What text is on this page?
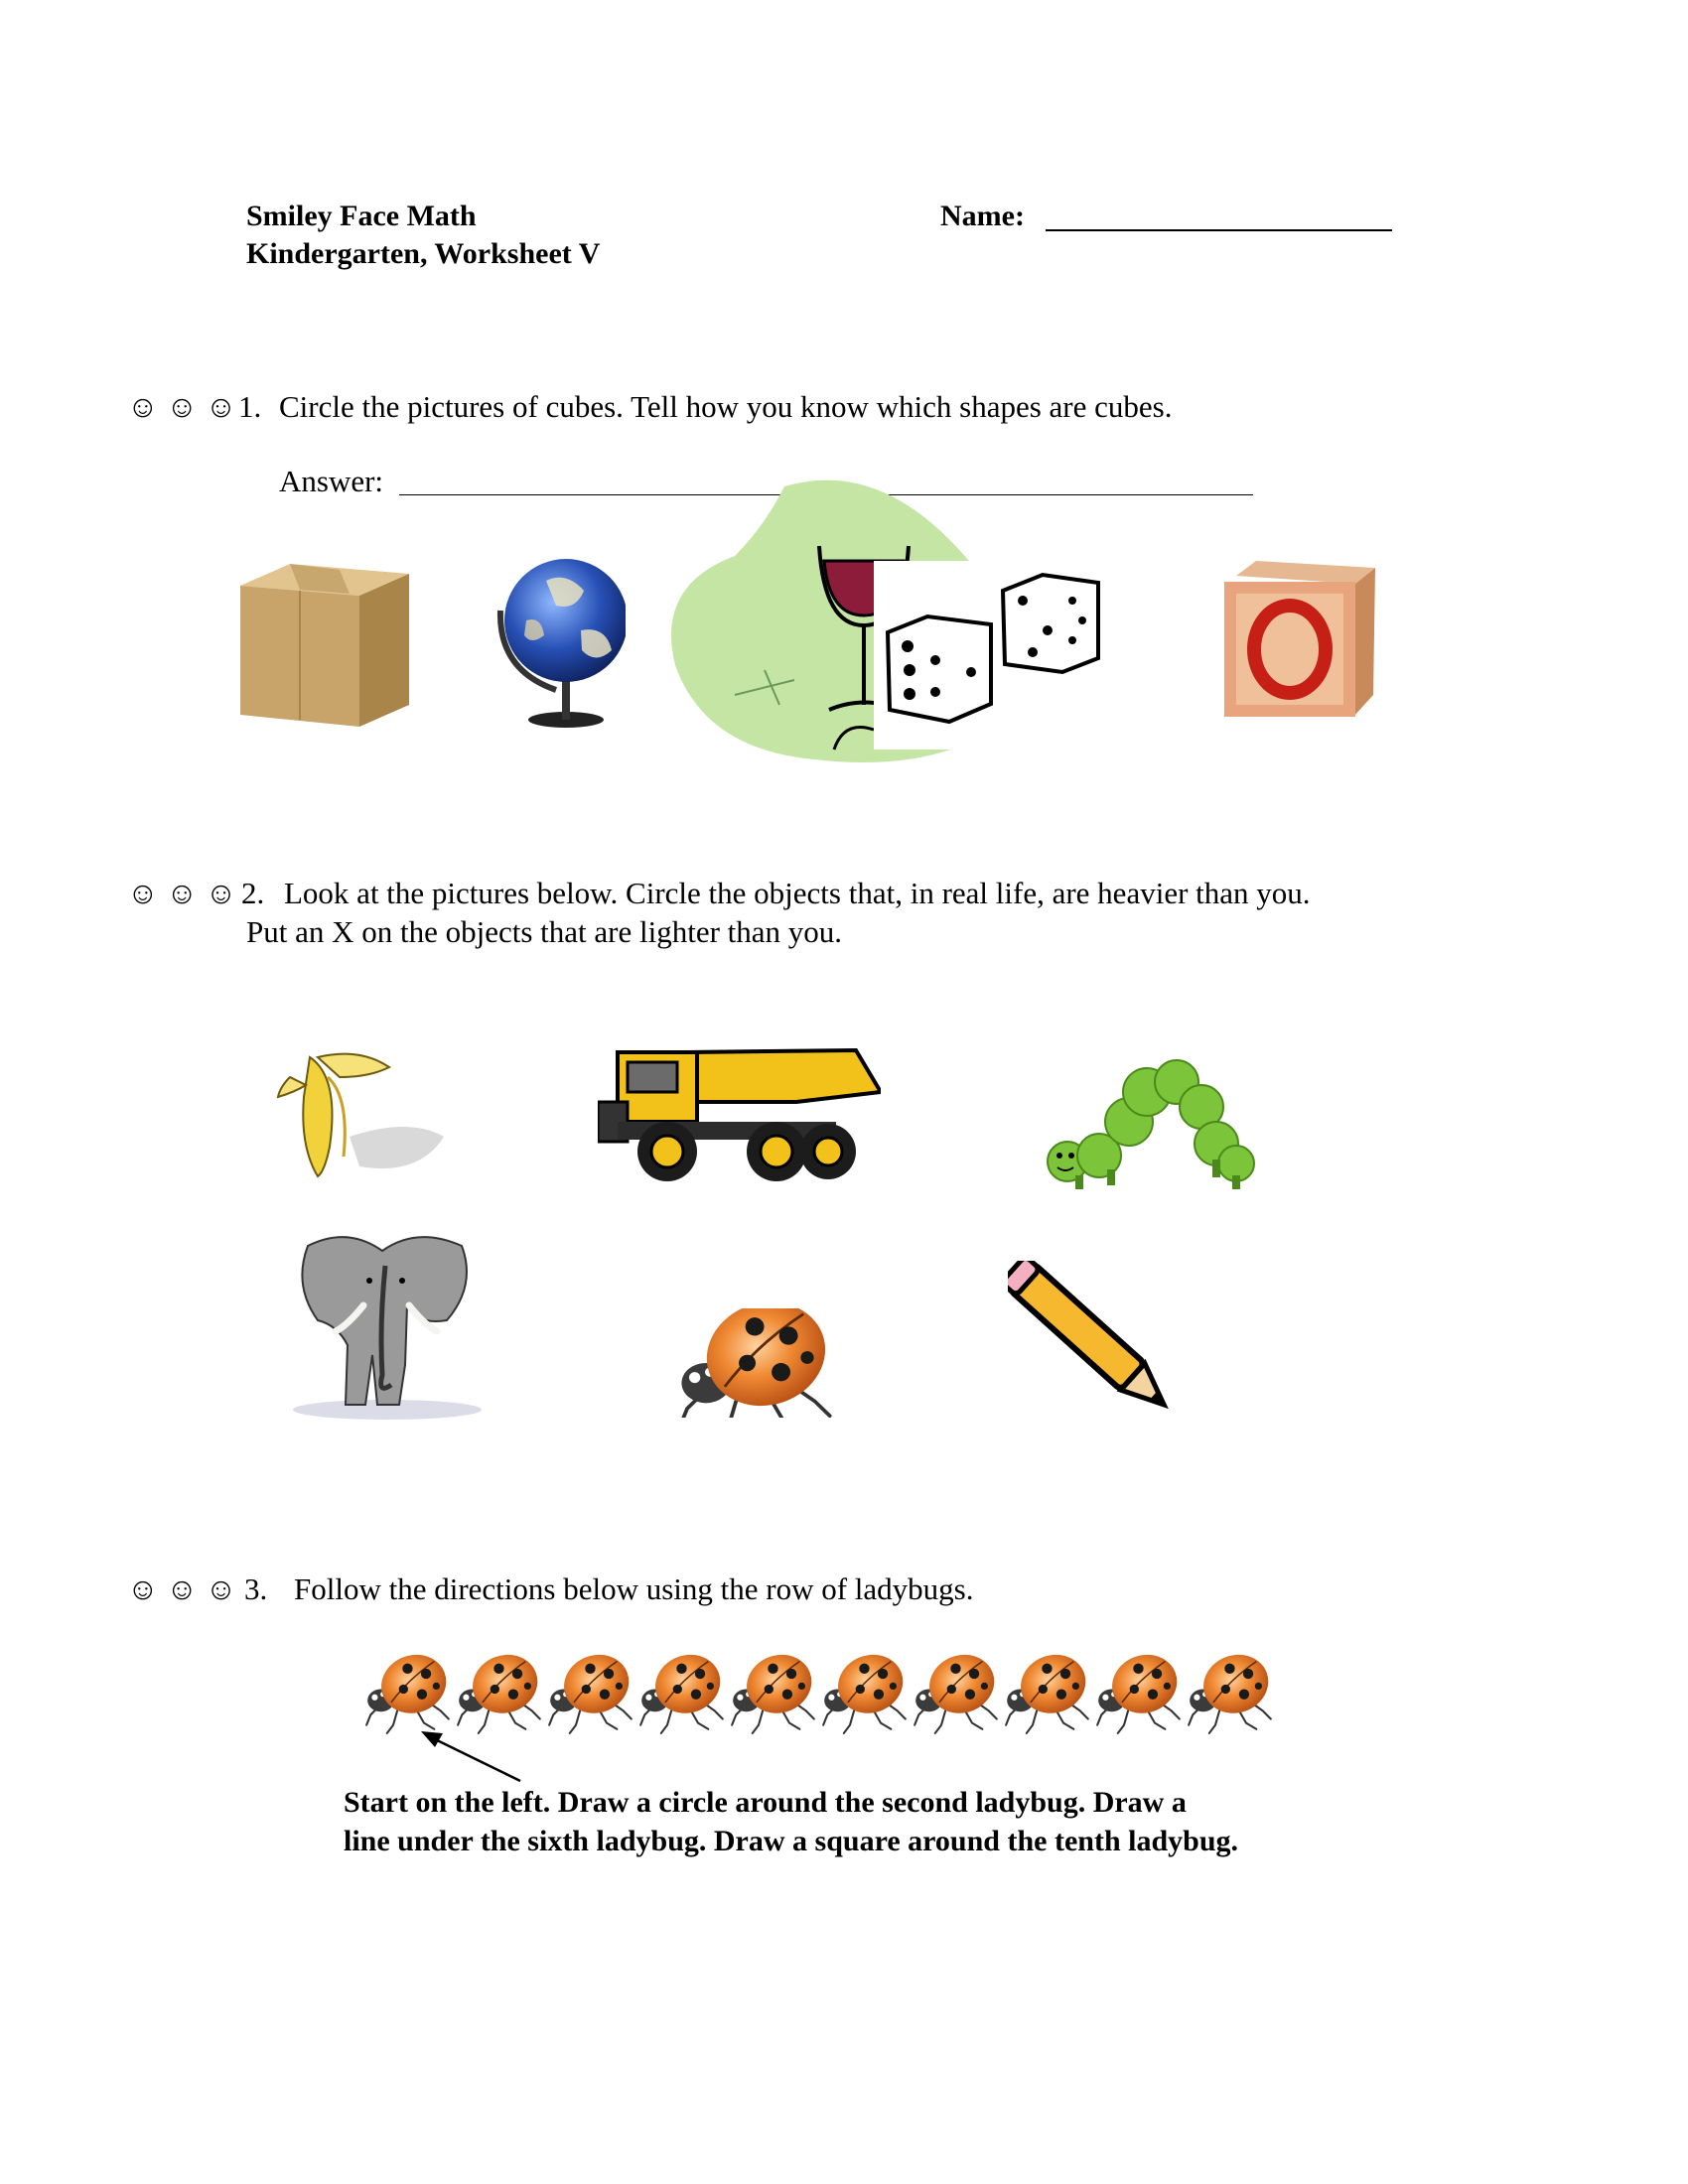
Smiley Face Math
Kindergarten, Worksheet V
Name:
☺ ☺ ☺ 1. Circle the pictures of cubes. Tell how you know which shapes are cubes.
Answer:
☺ ☺ ☺ 2. Look at the pictures below. Circle the objects that, in real life, are heavier than you.
Put an X on the objects that are lighter than you.
☺ ☺ ☺ 3. Follow the directions below using the row of ladybugs.
Start on the left. Draw a circle around the second ladybug. Draw a
line under the sixth ladybug. Draw a square around the tenth ladybug.
